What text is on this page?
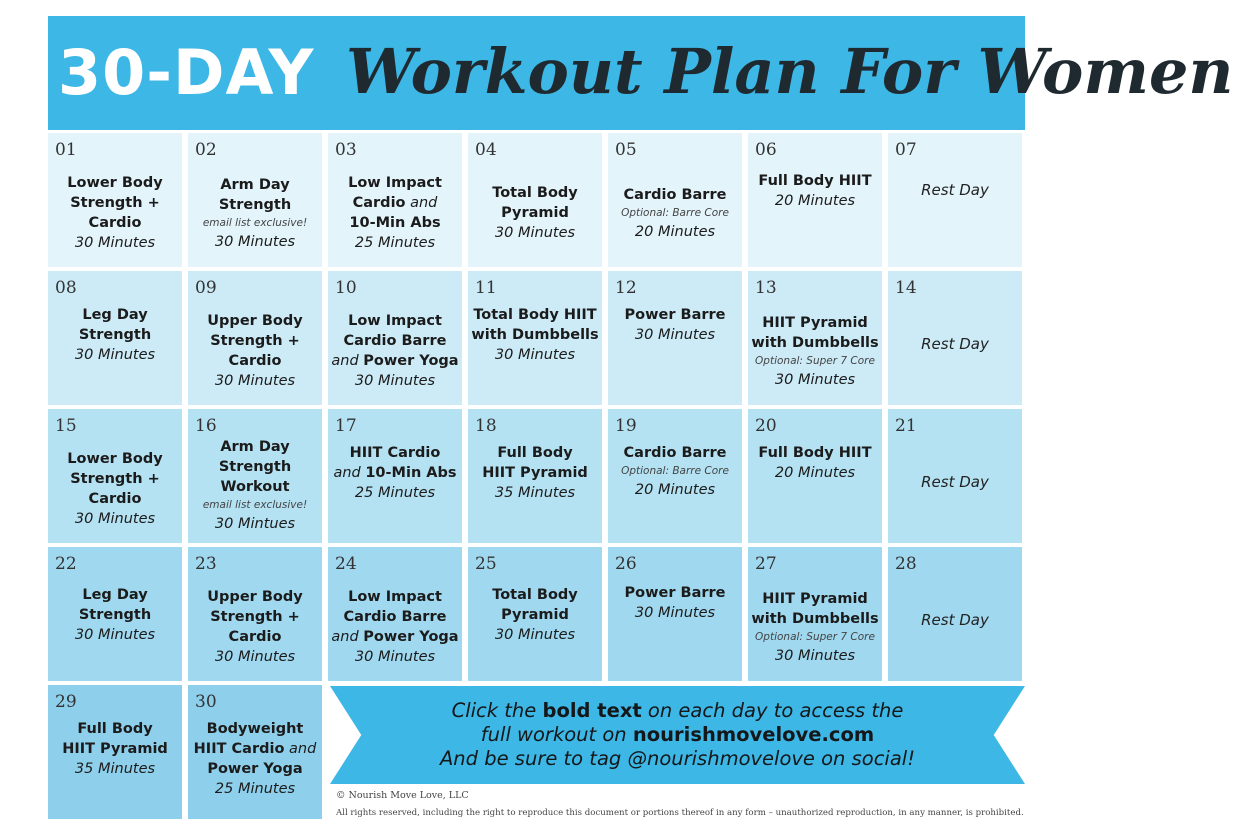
30-DAY Workout Plan For Women
01
Lower Body
Strength +
Cardio
30 Minutes
02
Arm Day
Strength
email list exclusive!
30 Minutes
03
Low Impact
Cardio and
10-Min Abs
25 Minutes
04
Total Body
Pyramid
30 Minutes
05
Cardio Barre
Optional: Barre Core
20 Minutes
06
Full Body HIIT
20 Minutes
07
Rest Day
08
Leg Day
Strength
30 Minutes
09
Upper Body
Strength +
Cardio
30 Minutes
10
Low Impact
Cardio Barre
and Power Yoga
30 Minutes
11
Total Body HIIT
with Dumbbells
30 Minutes
12
Power Barre
30 Minutes
13
HIIT Pyramid
with Dumbbells
Optional: Super 7 Core
30 Minutes
14
Rest Day
15
Lower Body
Strength +
Cardio
30 Minutes
16
Arm Day
Strength
Workout
email list exclusive!
30 Mintues
17
HIIT Cardio
and 10-Min Abs
25 Minutes
18
Full Body
HIIT Pyramid
35 Minutes
19
Cardio Barre
Optional: Barre Core
20 Minutes
20
Full Body HIIT
20 Minutes
21
Rest Day
22
Leg Day
Strength
30 Minutes
23
Upper Body
Strength +
Cardio
30 Minutes
24
Low Impact
Cardio Barre
and Power Yoga
30 Minutes
25
Total Body
Pyramid
30 Minutes
26
Power Barre
30 Minutes
27
HIIT Pyramid
with Dumbbells
Optional: Super 7 Core
30 Minutes
28
Rest Day
29
Full Body
HIIT Pyramid
35 Minutes
30
Bodyweight
HIIT Cardio and
Power Yoga
25 Minutes
Click the bold text on each day to access the
full workout on nourishmovelove.com
And be sure to tag @nourishmovelove on social!
© Nourish Move Love, LLC
All rights reserved, including the right to reproduce this document or portions thereof in any form – unauthorized reproduction, in any manner, is prohibited.
